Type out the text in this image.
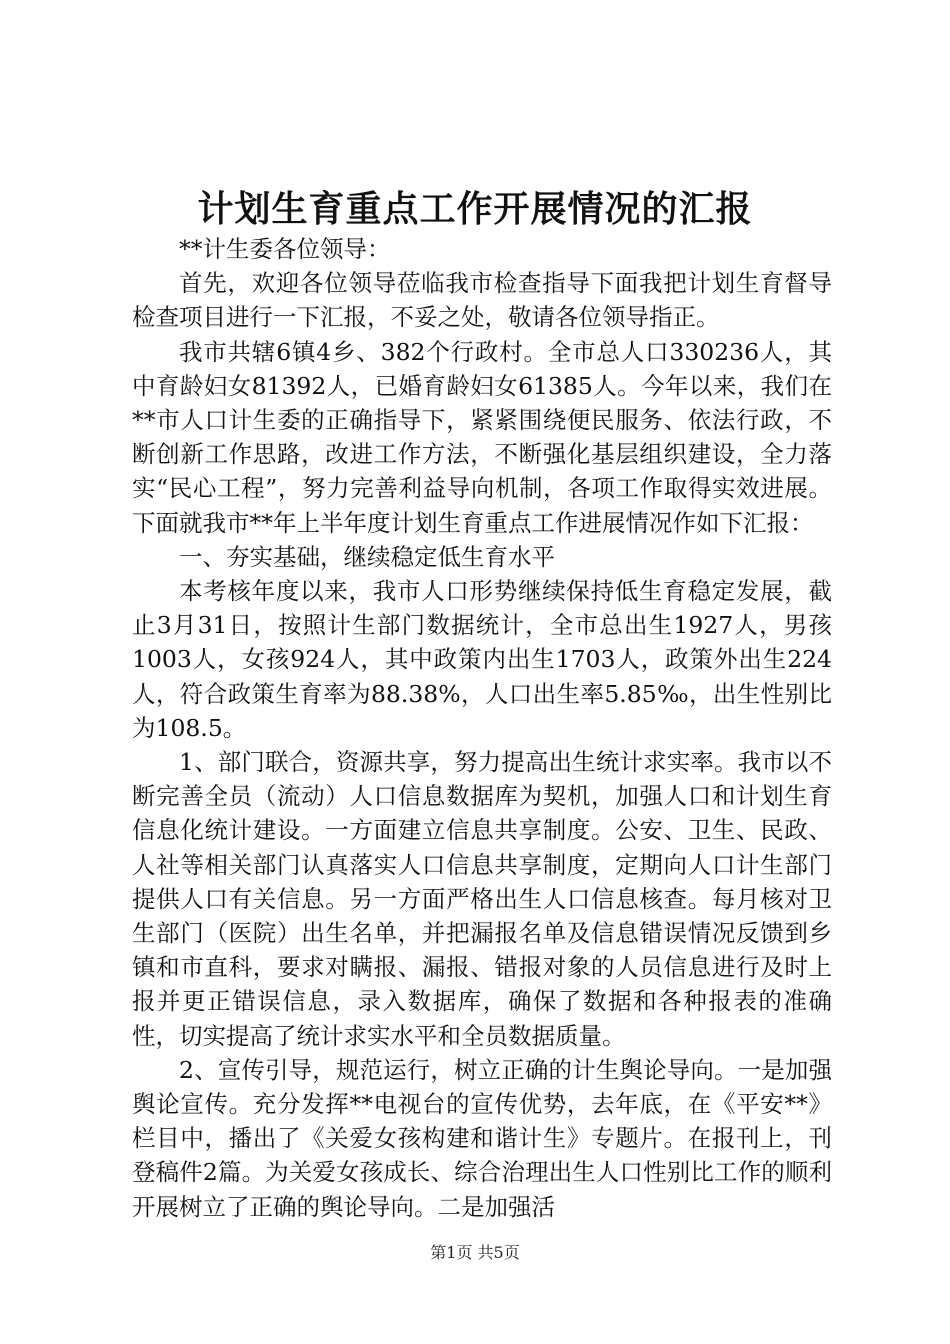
计划生育重点工作开展情况的汇报

**计生委各位领导：

首先，欢迎各位领导莅临我市检查指导下面我把计划生育督导检查项目进行一下汇报，不妥之处，敬请各位领导指正。

我市共辖6镇4乡、382个行政村。全市总人口330236人，其中育龄妇女81392人，已婚育龄妇女61385人。今年以来，我们在**市人口计生委的正确指导下，紧紧围绕便民服务、依法行政，不断创新工作思路，改进工作方法，不断强化基层组织建设，全力落实“民心工程”，努力完善利益导向机制，各项工作取得实效进展。下面就我市**年上半年度计划生育重点工作进展情况作如下汇报：

一、夯实基础，继续稳定低生育水平

本考核年度以来，我市人口形势继续保持低生育稳定发展，截止3月31日，按照计生部门数据统计，全市总出生1927人，男孩1003人，女孩924人，其中政策内出生1703人，政策外出生224人，符合政策生育率为88.38%，人口出生率5.85‰，出生性别比为108.5。

1、部门联合，资源共享，努力提高出生统计求实率。我市以不断完善全员（流动）人口信息数据库为契机，加强人口和计划生育信息化统计建设。一方面建立信息共享制度。公安、卫生、民政、人社等相关部门认真落实人口信息共享制度，定期向人口计生部门提供人口有关信息。另一方面严格出生人口信息核查。每月核对卫生部门（医院）出生名单，并把漏报名单及信息错误情况反馈到乡镇和市直科，要求对瞒报、漏报、错报对象的人员信息进行及时上报并更正错误信息，录入数据库，确保了数据和各种报表的准确性，切实提高了统计求实水平和全员数据质量。

2、宣传引导，规范运行，树立正确的计生舆论导向。一是加强舆论宣传。充分发挥**电视台的宣传优势，去年底，在《平安**》栏目中，播出了《关爱女孩构建和谐计生》专题片。在报刊上，刊登稿件2篇。为关爱女孩成长、综合治理出生人口性别比工作的顺利开展树立了正确的舆论导向。二是加强活

第1页 共5页
